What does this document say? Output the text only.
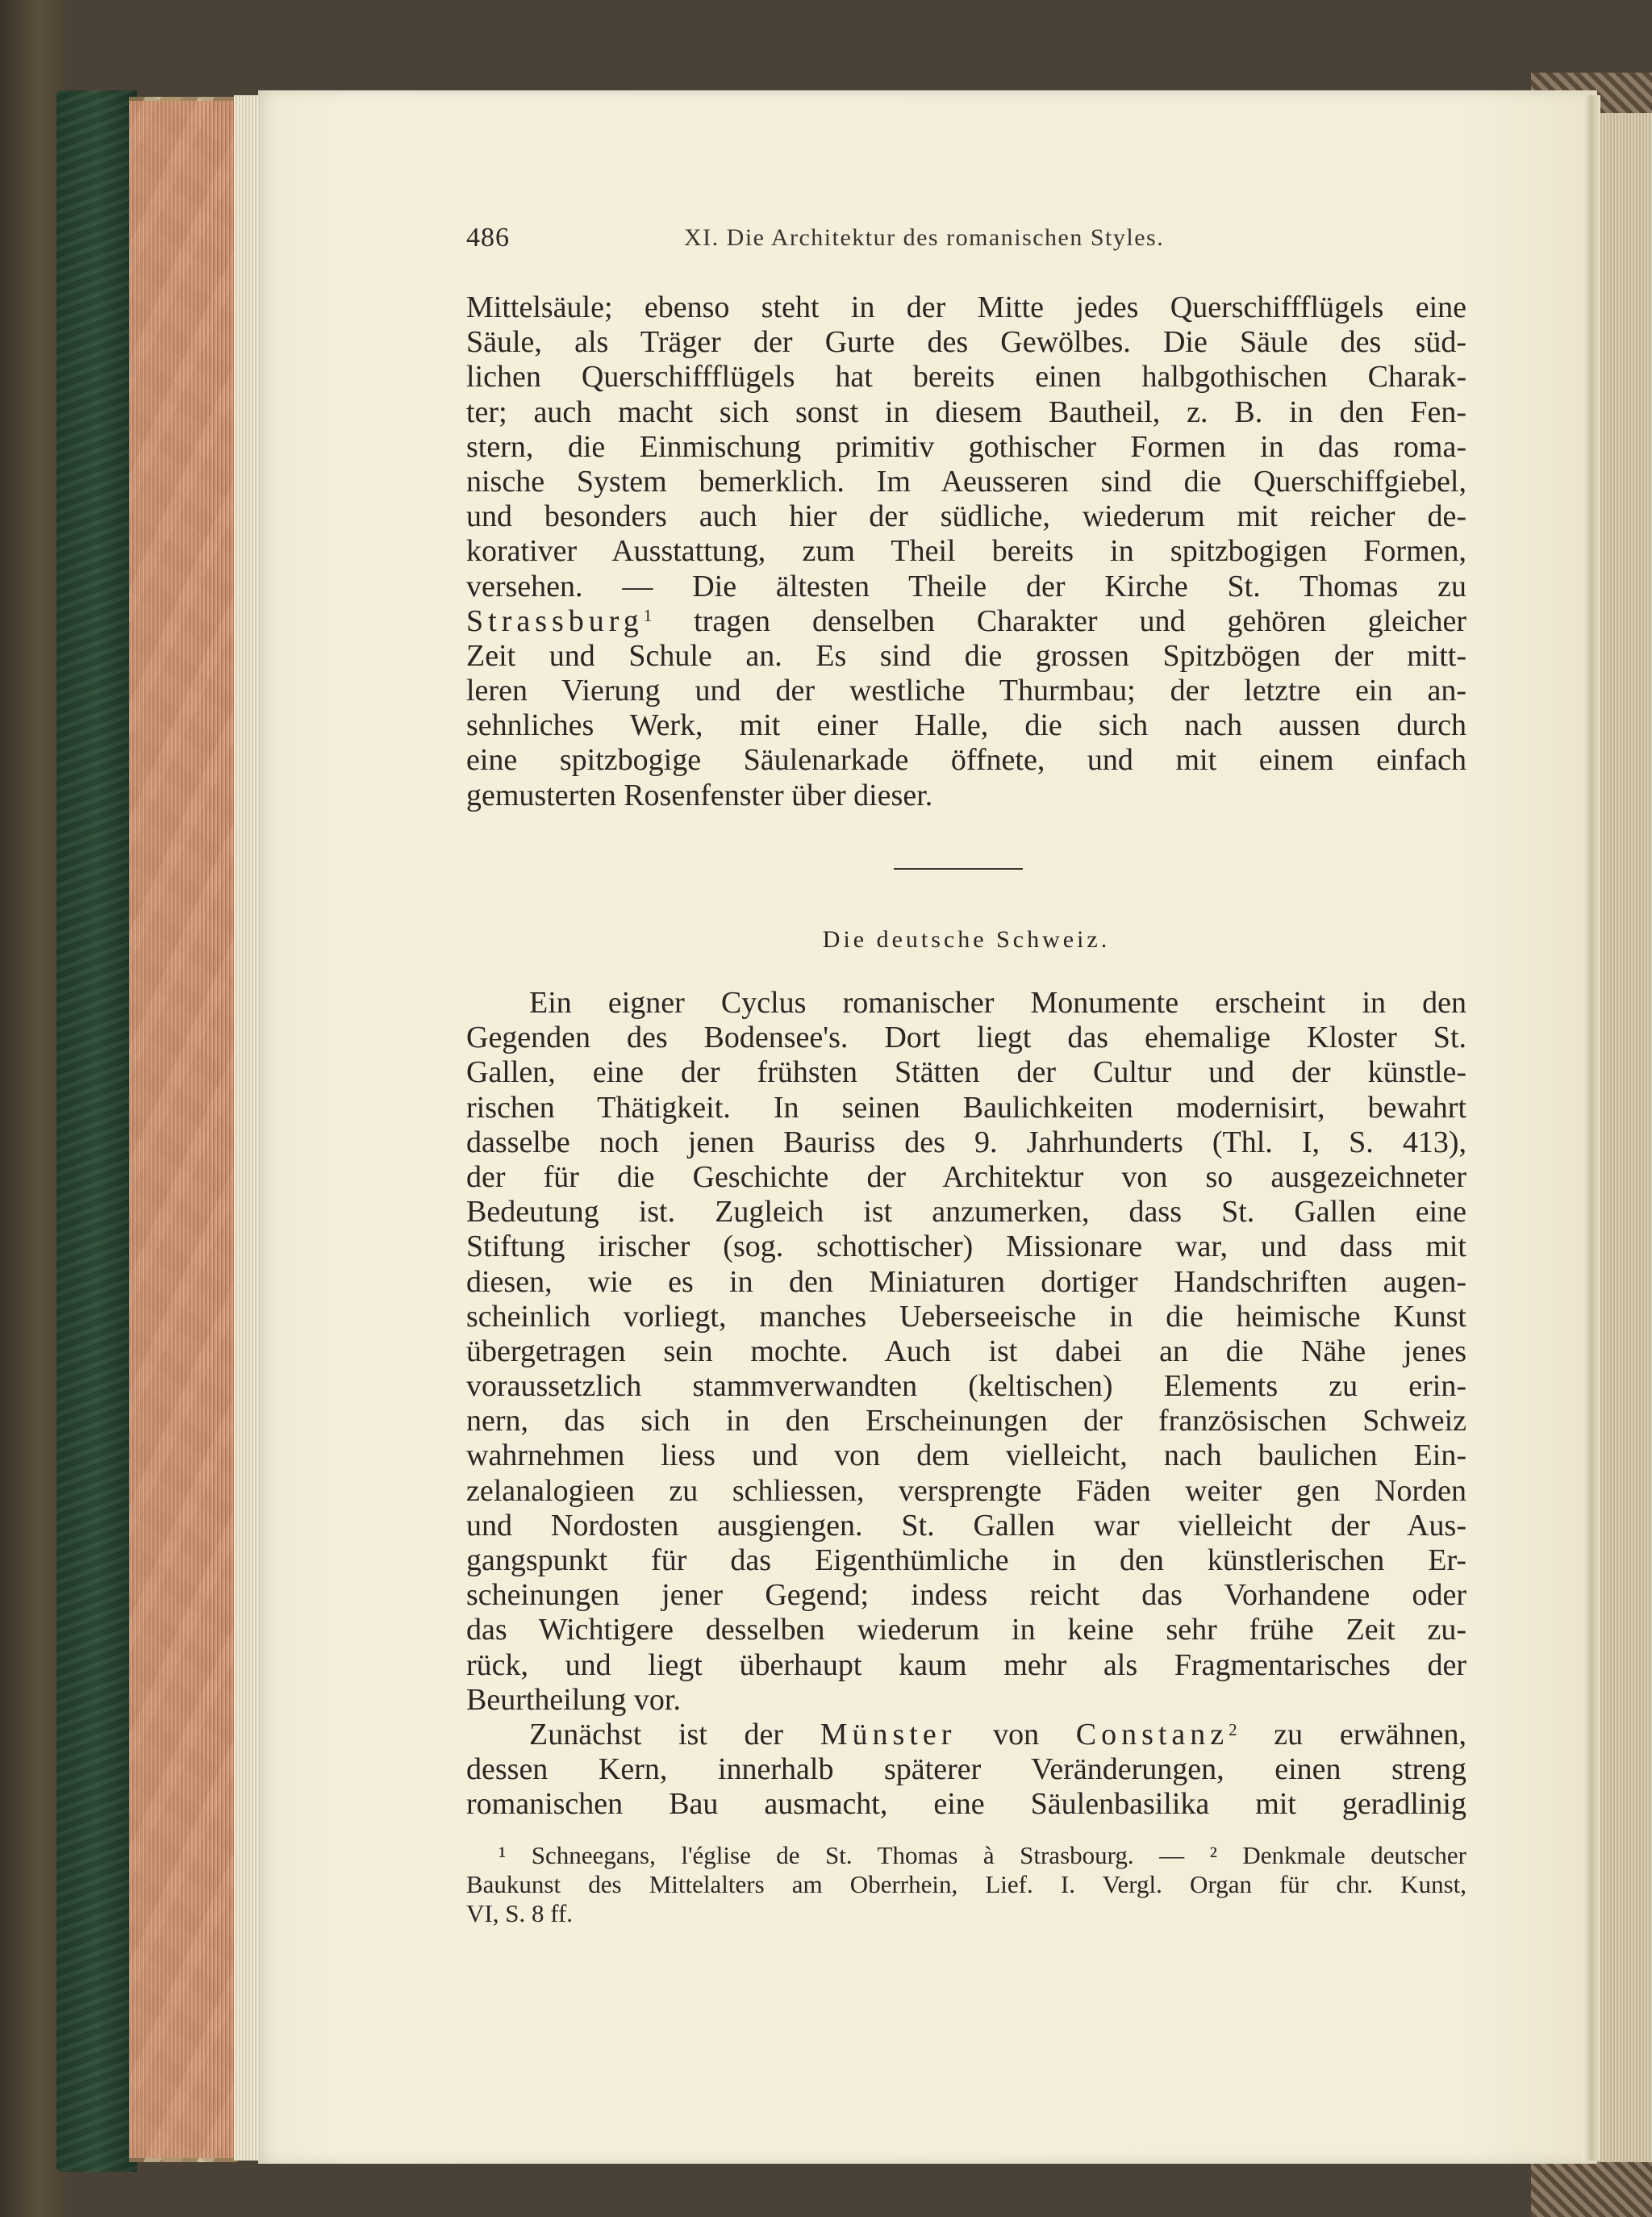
486	XI. Die Architektur des romanischen Styles.
Mittelsäule; ebenso steht in der Mitte jedes Querschiffflügels eine
Säule, als Träger der Gurte des Gewölbes. Die Säule des süd-
lichen Querschiffflügels hat bereits einen halbgothischen Charak-
ter; auch macht sich sonst in diesem Bautheil, z. B. in den Fen-
stern, die Einmischung primitiv gothischer Formen in das roma-
nische System bemerklich. Im Aeusseren sind die Querschiffgiebel,
und besonders auch hier der südliche, wiederum mit reicher de-
korativer Ausstattung, zum Theil bereits in spitzbogigen Formen,
versehen. — Die ältesten Theile der Kirche St. Thomas zu
Strassburg$^1$ tragen denselben Charakter und gehören gleicher
Zeit und Schule an. Es sind die grossen Spitzbögen der mitt-
leren Vierung und der westliche Thurmbau; der letztre ein an-
sehnliches Werk, mit einer Halle, die sich nach aussen durch
eine spitzbogige Säulenarkade öffnete, und mit einem einfach
gemusterten Rosenfenster über dieser.
Die deutsche Schweiz.
Ein eigner Cyclus romanischer Monumente erscheint in den
Gegenden des Bodensee's. Dort liegt das ehemalige Kloster St.
Gallen, eine der frühsten Stätten der Cultur und der künstle-
rischen Thätigkeit. In seinen Baulichkeiten modernisirt, bewahrt
dasselbe noch jenen Bauriss des 9. Jahrhunderts (Thl. I, S. 413),
der für die Geschichte der Architektur von so ausgezeichneter
Bedeutung ist. Zugleich ist anzumerken, dass St. Gallen eine
Stiftung irischer (sog. schottischer) Missionare war, und dass mit
diesen, wie es in den Miniaturen dortiger Handschriften augen-
scheinlich vorliegt, manches Ueberseeische in die heimische Kunst
übergetragen sein mochte. Auch ist dabei an die Nähe jenes
voraussetzlich stammverwandten (keltischen) Elements zu erin-
nern, das sich in den Erscheinungen der französischen Schweiz
wahrnehmen liess und von dem vielleicht, nach baulichen Ein-
zelanalogieen zu schliessen, versprengte Fäden weiter gen Norden
und Nordosten ausgiengen. St. Gallen war vielleicht der Aus-
gangspunkt für das Eigenthümliche in den künstlerischen Er-
scheinungen jener Gegend; indess reicht das Vorhandene oder
das Wichtigere desselben wiederum in keine sehr frühe Zeit zu-
rück, und liegt überhaupt kaum mehr als Fragmentarisches der
Beurtheilung vor.
Zunächst ist der Münster von Constanz$^2$ zu erwähnen,
dessen Kern, innerhalb späterer Veränderungen, einen streng
romanischen Bau ausmacht, eine Säulenbasilika mit geradlinig
¹ Schneegans, l'église de St. Thomas à Strasbourg. — ² Denkmale deutscher
Baukunst des Mittelalters am Oberrhein, Lief. I. Vergl. Organ für chr. Kunst,
VI, S. 8 ff.
